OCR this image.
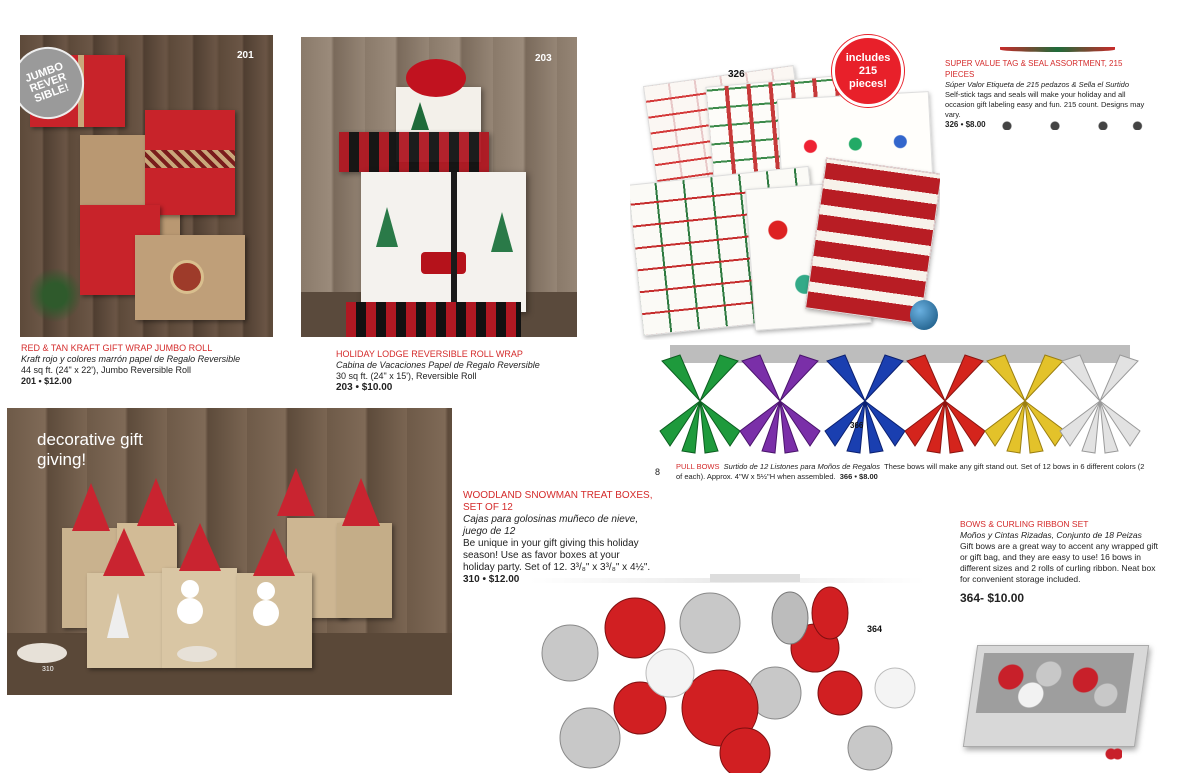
JUMBO REVER SIBLE!
201
RED & TAN KRAFT GIFT WRAP JUMBO ROLL
Kraft rojo y colores marrón papel de Regalo Reversible
44 sq ft. (24" x 22'), Jumbo Reversible Roll
201 • $12.00
203
HOLIDAY LODGE REVERSIBLE ROLL WRAP
Cabina de Vacaciones Papel de Regalo Reversible
30 sq ft. (24" x 15'), Reversible Roll
203 • $10.00
326
includes 215 pieces!
SUPER VALUE TAG & SEAL ASSORTMENT, 215 PIECES
Súper Valor Etiqueta de 215 pedazos & Sella el Surtido
Self-stick tags and seals will make your holiday and all occasion gift labeling easy and fun. 215 count. Designs may vary.
326 • $8.00
366
8
PULL BOWS Surtido de 12 Listones para Moños de Regalos These bows will make any gift stand out. Set of 12 bows in 6 different colors (2 of each). Approx. 4"W x 5½"H when assembled. 366 • $8.00
decorative gift giving!
310
WOODLAND SNOWMAN TREAT BOXES, SET OF 12
Cajas para golosinas muñeco de nieve, juego de 12
Be unique in your gift giving this holiday season! Use as favor boxes at your holiday party. Set of 12. 3³/₈" x 3³/₈" x 4½".
310 • $12.00
364
BOWS & CURLING RIBBON SET
Moños y Cintas Rizadas, Conjunto de 18 Peizas
Gift bows are a great way to accent any wrapped gift or gift bag, and they are easy to use! 16 bows in different sizes and 2 rolls of curling ribbon. Neat box for convenient storage included.
364- $10.00
